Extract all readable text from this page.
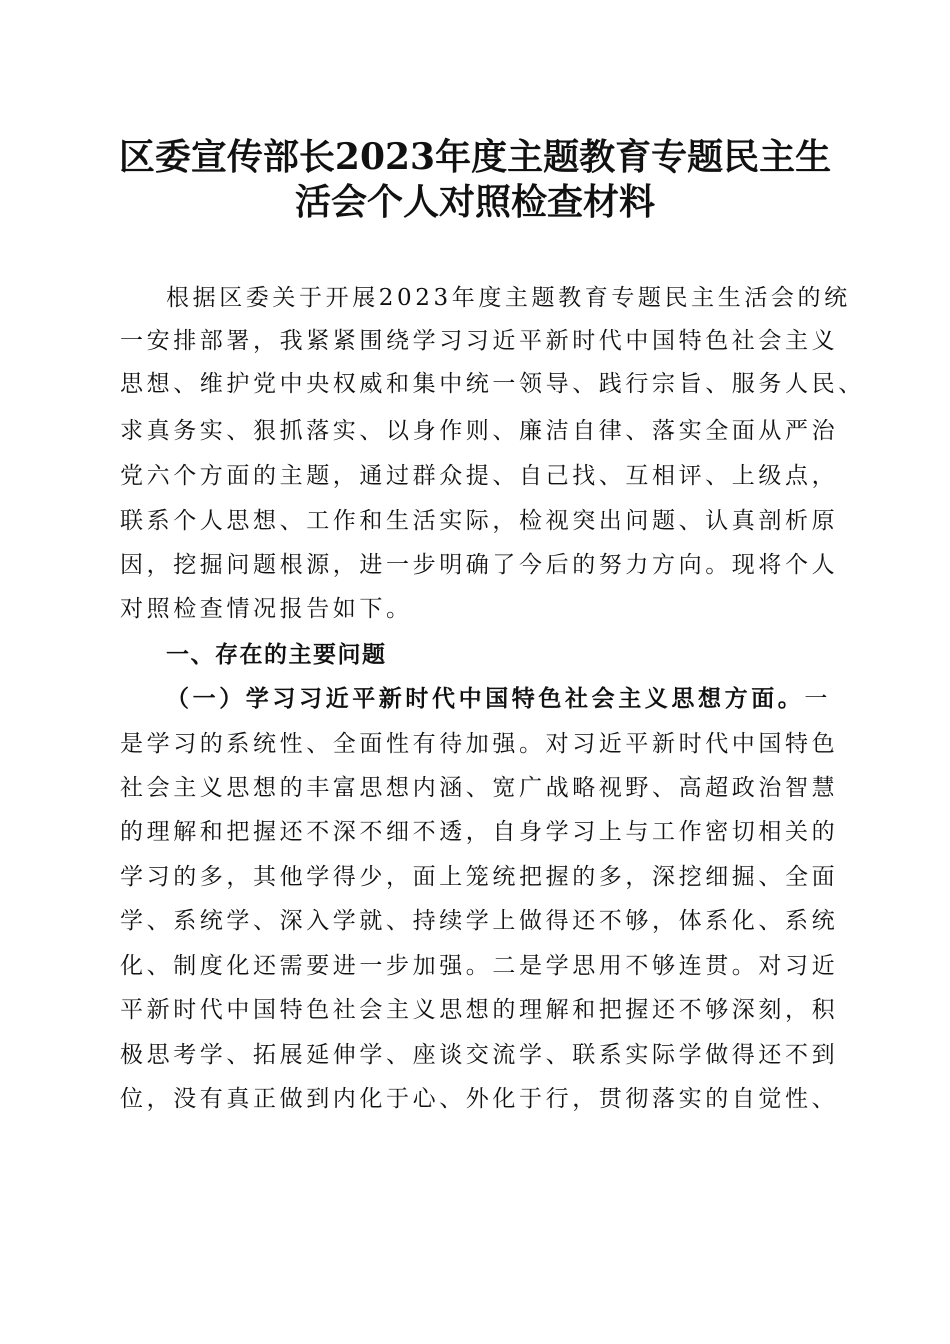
区委宣传部长2023年度主题教育专题民主生
活会个人对照检查材料
根据区委关于开展2023年度主题教育专题民主生活会的统
一安排部署，我紧紧围绕学习习近平新时代中国特色社会主义
思想、维护党中央权威和集中统一领导、践行宗旨、服务人民、
求真务实、狠抓落实、以身作则、廉洁自律、落实全面从严治
党六个方面的主题，通过群众提、自己找、互相评、上级点，
联系个人思想、工作和生活实际，检视突出问题、认真剖析原
因，挖掘问题根源，进一步明确了今后的努力方向。现将个人
对照检查情况报告如下。
一、存在的主要问题
（一）学习习近平新时代中国特色社会主义思想方面。一
是学习的系统性、全面性有待加强。对习近平新时代中国特色
社会主义思想的丰富思想内涵、宽广战略视野、高超政治智慧
的理解和把握还不深不细不透，自身学习上与工作密切相关的
学习的多，其他学得少，面上笼统把握的多，深挖细掘、全面
学、系统学、深入学就、持续学上做得还不够，体系化、系统
化、制度化还需要进一步加强。二是学思用不够连贯。对习近
平新时代中国特色社会主义思想的理解和把握还不够深刻，积
极思考学、拓展延伸学、座谈交流学、联系实际学做得还不到
位，没有真正做到内化于心、外化于行，贯彻落实的自觉性、
